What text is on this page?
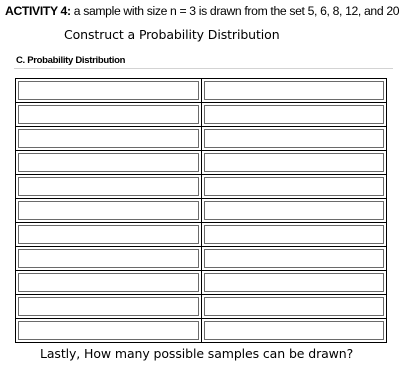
ACTIVITY 4: a sample with size n = 3 is drawn from the set 5, 6, 8, 12, and 20
Construct a Probability Distribution
C. Probability Distribution

Lastly, How many possible samples can be drawn?
